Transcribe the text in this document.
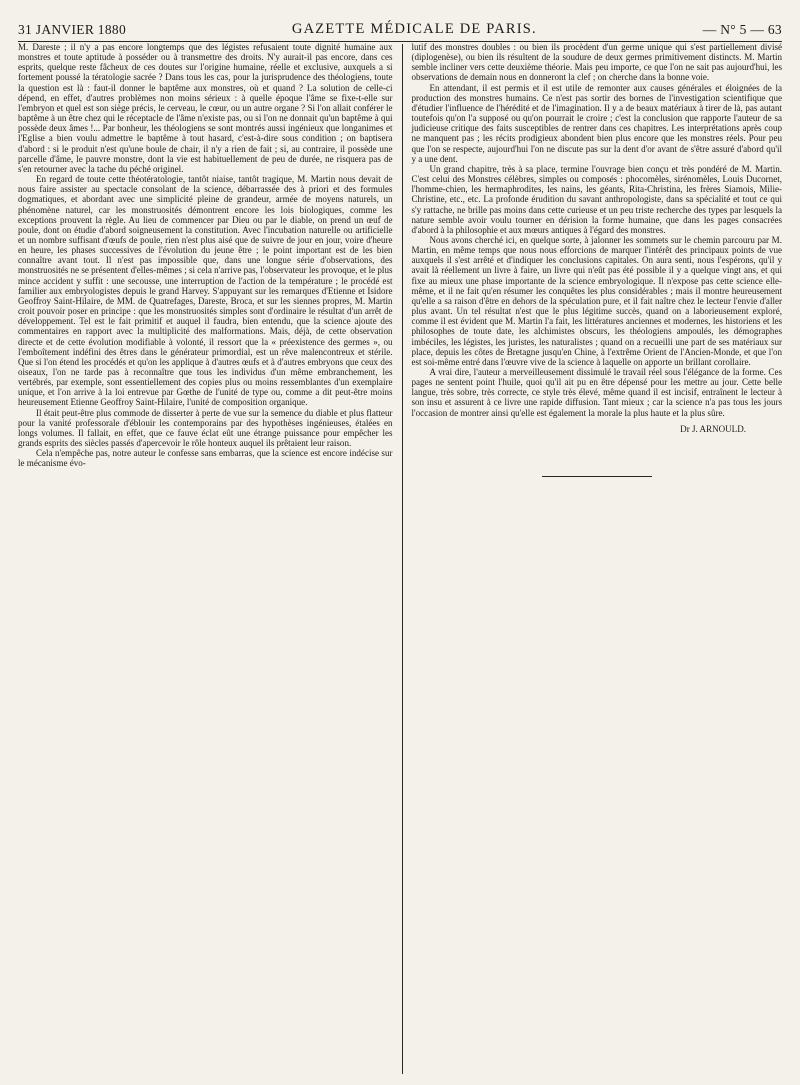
31 JANVIER 1880	GAZETTE MÉDICALE DE PARIS.	— N° 5 — 63

M. Dareste ; il n'y a pas encore longtemps que des légistes refusaient toute dignité humaine aux monstres et toute aptitude à posséder ou à transmettre des droits. N'y aurait-il pas encore, dans ces esprits, quelque reste fâcheux de ces doutes sur l'origine humaine, réelle et exclusive, auxquels a si fortement poussé la tératologie sacrée ? Dans tous les cas, pour la jurisprudence des théologiens, toute la question est là : faut-il donner le baptême aux monstres, où et quand ? La solution de celle-ci dépend, en effet, d'autres problèmes non moins sérieux : à quelle époque l'âme se fixe-t-elle sur l'embryon et quel est son siège précis, le cerveau, le cœur, ou un autre organe ? Si l'on allait conférer le baptême à un être chez qui le réceptacle de l'âme n'existe pas, ou si l'on ne donnait qu'un baptême à qui possède deux âmes !... Par bonheur, les théologiens se sont montrés aussi ingénieux que longanimes et l'Eglise a bien voulu admettre le baptême à tout hasard, c'est-à-dire sous condition ; on baptisera d'abord : si le produit n'est qu'une boule de chair, il n'y a rien de fait ; si, au contraire, il possède une parcelle d'âme, le pauvre monstre, dont la vie est habituellement de peu de durée, ne risquera pas de s'en retourner avec la tache du péché originel.

En regard de toute cette théotératologie, tantôt niaise, tantôt tragique, M. Martin nous devait de nous faire assister au spectacle consolant de la science, débarrassée des à priori et des formules dogmatiques, et abordant avec une simplicité pleine de grandeur, armée de moyens naturels, un phénomène naturel, car les monstruosités démontrent encore les lois biologiques, comme les exceptions prouvent la règle. Au lieu de commencer par Dieu ou par le diable, on prend un œuf de poule, dont on étudie d'abord soigneusement la constitution. Avec l'incubation naturelle ou artificielle et un nombre suffisant d'œufs de poule, rien n'est plus aisé que de suivre de jour en jour, voire d'heure en heure, les phases successives de l'évolution du jeune être ; le point important est de les bien connaître avant tout. Il n'est pas impossible que, dans une longue série d'observations, des monstruosités ne se présentent d'elles-mêmes ; si cela n'arrive pas, l'observateur les provoque, et le plus mince accident y suffit : une secousse, une interruption de l'action de la température ; le procédé est familier aux embryologistes depuis le grand Harvey. S'appuyant sur les remarques d'Etienne et Isidore Geoffroy Saint-Hilaire, de MM. de Quatrefages, Dareste, Broca, et sur les siennes propres, M. Martin croit pouvoir poser en principe : que les monstruosités simples sont d'ordinaire le résultat d'un arrêt de développement. Tel est le fait primitif et auquel il faudra, bien entendu, que la science ajoute des commentaires en rapport avec la multiplicité des malformations. Mais, déjà, de cette observation directe et de cette évolution modifiable à volonté, il ressort que la « préexistence des germes », ou l'emboîtement indéfini des êtres dans le générateur primordial, est un rêve malencontreux et stérile. Que si l'on étend les procédés et qu'on les applique à d'autres œufs et à d'autres embryons que ceux des oiseaux, l'on ne tarde pas à reconnaître que tous les individus d'un même embranchement, les vertébrés, par exemple, sont essentiellement des copies plus ou moins ressemblantes d'un exemplaire unique, et l'on arrive à la loi entrevue par Gœthe de l'unité de type ou, comme a dit peut-être moins heureusement Etienne Geoffroy Saint-Hilaire, l'unité de composition organique.

Il était peut-être plus commode de disserter à perte de vue sur la semence du diable et plus flatteur pour la vanité professorale d'éblouir les contemporains par des hypothèses ingénieuses, étalées en longs volumes. Il fallait, en effet, que ce fauve éclat eût une étrange puissance pour empêcher les grands esprits des siècles passés d'apercevoir le rôle honteux auquel ils prêtaient leur raison.

Cela n'empêche pas, notre auteur le confesse sans embarras, que la science est encore indécise sur le mécanisme évo-

lutif des monstres doubles : ou bien ils procèdent d'un germe unique qui s'est partiellement divisé (diplogenèse), ou bien ils résultent de la soudure de deux germes primitivement distincts. M. Martin semble incliner vers cette deuxième théorie. Mais peu importe, ce que l'on ne sait pas aujourd'hui, les observations de demain nous en donneront la clef ; on cherche dans la bonne voie.

En attendant, il est permis et il est utile de remonter aux causes générales et éloignées de la production des monstres humains. Ce n'est pas sortir des bornes de l'investigation scientifique que d'étudier l'influence de l'hérédité et de l'imagination. Il y a de beaux matériaux à tirer de là, pas autant toutefois qu'on l'a supposé ou qu'on pourrait le croire ; c'est la conclusion que rapporte l'auteur de sa judicieuse critique des faits susceptibles de rentrer dans ces chapitres. Les interprétations après coup ne manquent pas ; les récits prodigieux abondent bien plus encore que les monstres réels. Pour peu que l'on se respecte, aujourd'hui l'on ne discute pas sur la dent d'or avant de s'être assuré d'abord qu'il y a une dent.

Un grand chapitre, très à sa place, termine l'ouvrage bien conçu et très pondéré de M. Martin. C'est celui des Monstres célèbres, simples ou composés : phocomèles, sirénomèles, Louis Ducornet, l'homme-chien, les hermaphrodites, les nains, les géants, Rita-Christina, les frères Siamois, Milie-Christine, etc., etc. La profonde érudition du savant anthropologiste, dans sa spécialité et tout ce qui s'y rattache, ne brille pas moins dans cette curieuse et un peu triste recherche des types par lesquels la nature semble avoir voulu tourner en dérision la forme humaine, que dans les pages consacrées d'abord à la philosophie et aux mœurs antiques à l'égard des monstres.

Nous avons cherché ici, en quelque sorte, à jalonner les sommets sur le chemin parcouru par M. Martin, en même temps que nous nous efforcions de marquer l'intérêt des principaux points de vue auxquels il s'est arrêté et d'indiquer les conclusions capitales. On aura senti, nous l'espérons, qu'il y avait là réellement un livre à faire, un livre qui n'eût pas été possible il y a quelque vingt ans, et qui fixe au mieux une phase importante de la science embryologique. Il n'expose pas cette science elle-même, et il ne fait qu'en résumer les conquêtes les plus considérables ; mais il montre heureusement qu'elle a sa raison d'être en dehors de la spéculation pure, et il fait naître chez le lecteur l'envie d'aller plus avant. Un tel résultat n'est que le plus légitime succès, quand on a laborieusement exploré, comme il est évident que M. Martin l'a fait, les littératures anciennes et modernes, les historiens et les philosophes de toute date, les alchimistes obscurs, les théologiens ampoulés, les démographes imbéciles, les légistes, les juristes, les naturalistes ; quand on a recueilli une part de ses matériaux sur place, depuis les côtes de Bretagne jusqu'en Chine, à l'extrême Orient de l'Ancien-Monde, et que l'on est soi-même entré dans l'œuvre vive de la science à laquelle on apporte un brillant corollaire.

A vrai dire, l'auteur a merveilleusement dissimulé le travail réel sous l'élégance de la forme. Ces pages ne sentent point l'huile, quoi qu'il ait pu en être dépensé pour les mettre au jour. Cette belle langue, très sobre, très correcte, ce style très élevé, même quand il est incisif, entraînent le lecteur à son insu et assurent à ce livre une rapide diffusion. Tant mieux ; car la science n'a pas tous les jours l'occasion de montrer ainsi qu'elle est également la morale la plus haute et la plus sûre.

Dr J. ARNOULD.
